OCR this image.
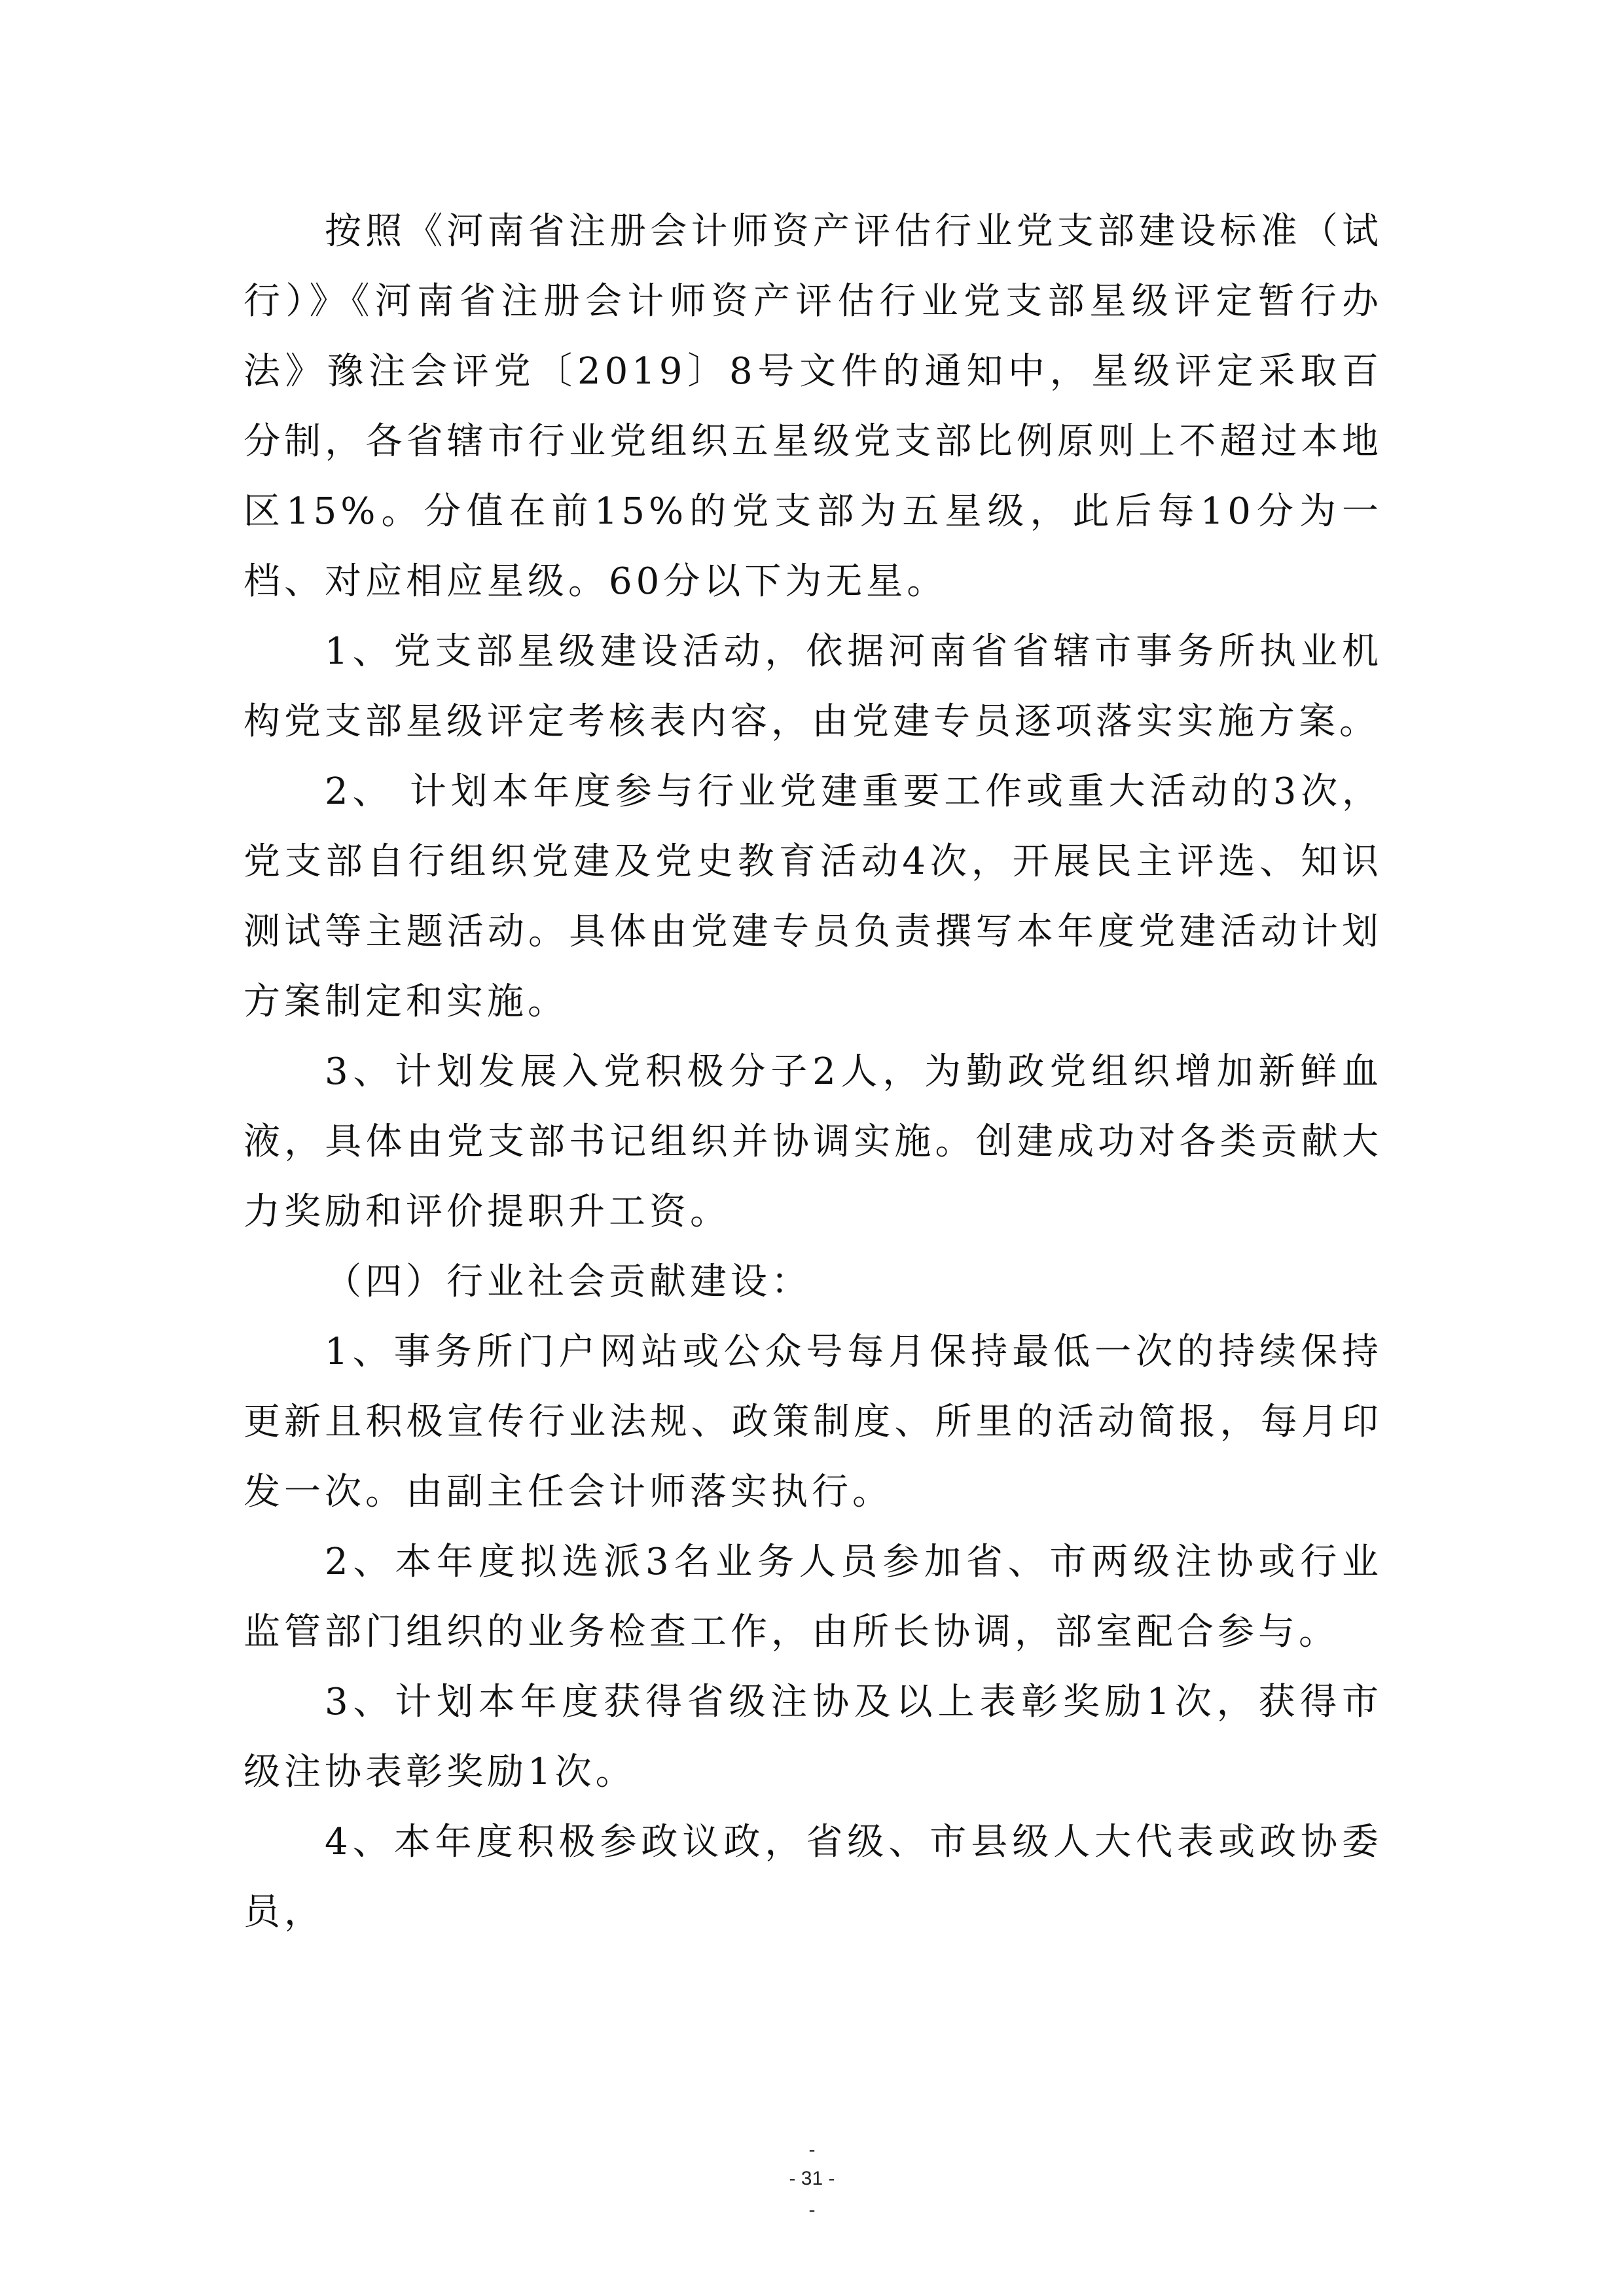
按照《河南省注册会计师资产评估行业党支部建设标准（试行）》《河南省注册会计师资产评估行业党支部星级评定暂行办法》豫注会评党〔2019〕8号文件的通知中，星级评定采取百分制，各省辖市行业党组织五星级党支部比例原则上不超过本地区15%。分值在前15%的党支部为五星级，此后每10分为一档、对应相应星级。60分以下为无星。

1、党支部星级建设活动，依据河南省省辖市事务所执业机构党支部星级评定考核表内容，由党建专员逐项落实实施方案。

2、 计划本年度参与行业党建重要工作或重大活动的3次，党支部自行组织党建及党史教育活动4次，开展民主评选、知识测试等主题活动。具体由党建专员负责撰写本年度党建活动计划方案制定和实施。

3、计划发展入党积极分子2人，为勤政党组织增加新鲜血液，具体由党支部书记组织并协调实施。创建成功对各类贡献大力奖励和评价提职升工资。

（四）行业社会贡献建设：

1、事务所门户网站或公众号每月保持最低一次的持续保持更新且积极宣传行业法规、政策制度、所里的活动简报，每月印发一次。由副主任会计师落实执行。

2、本年度拟选派3名业务人员参加省、市两级注协或行业监管部门组织的业务检查工作，由所长协调，部室配合参与。

3、计划本年度获得省级注协及以上表彰奖励1次，获得市级注协表彰奖励1次。

4、本年度积极参政议政，省级、市县级人大代表或政协委员，

-
- 31 -
-
